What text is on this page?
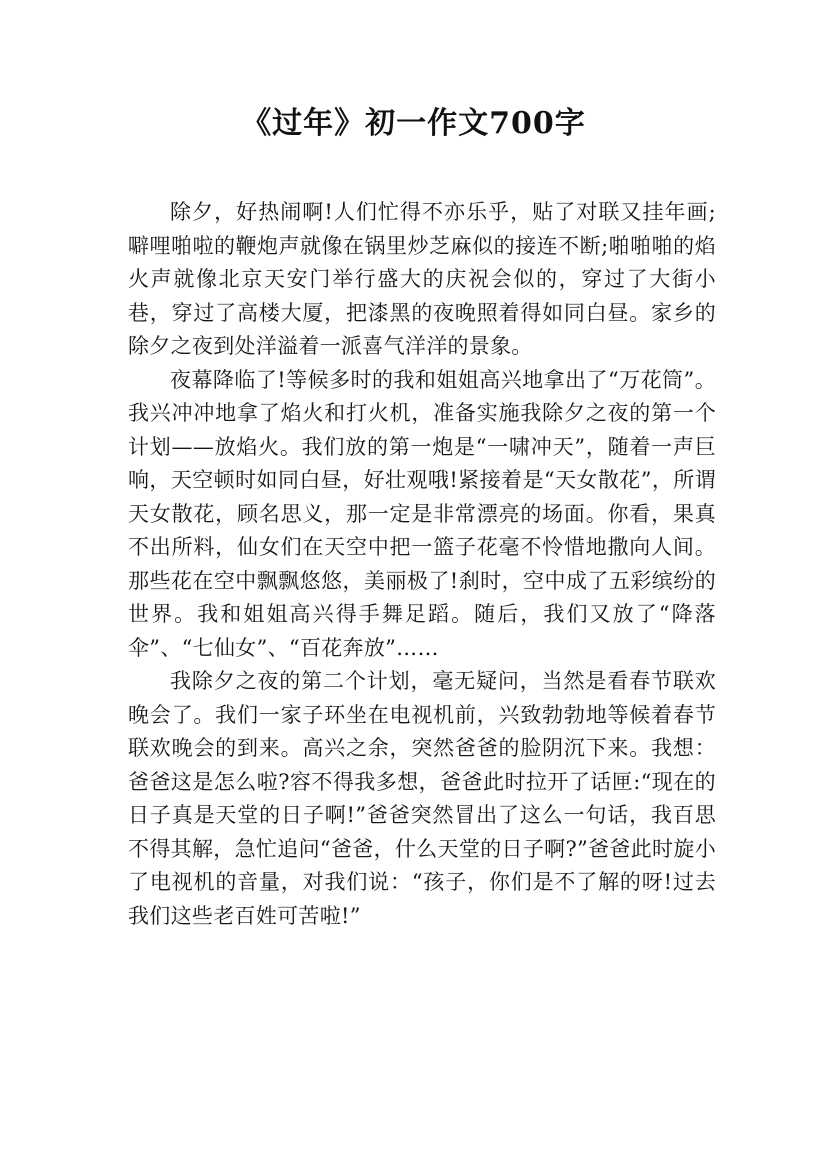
《过年》初一作文700字

除夕，好热闹啊!人们忙得不亦乐乎，贴了对联又挂年画;噼哩啪啦的鞭炮声就像在锅里炒芝麻似的接连不断;啪啪啪的焰火声就像北京天安门举行盛大的庆祝会似的，穿过了大街小巷，穿过了高楼大厦，把漆黑的夜晚照着得如同白昼。家乡的除夕之夜到处洋溢着一派喜气洋洋的景象。

夜幕降临了!等候多时的我和姐姐高兴地拿出了“万花筒”。我兴冲冲地拿了焰火和打火机，准备实施我除夕之夜的第一个计划——放焰火。我们放的第一炮是“一啸冲天”，随着一声巨响，天空顿时如同白昼，好壮观哦!紧接着是“天女散花”，所谓天女散花，顾名思义，那一定是非常漂亮的场面。你看，果真不出所料，仙女们在天空中把一篮子花毫不怜惜地撒向人间。那些花在空中飘飘悠悠，美丽极了!刹时，空中成了五彩缤纷的世界。我和姐姐高兴得手舞足蹈。随后，我们又放了“降落伞”、“七仙女”、“百花奔放”……

我除夕之夜的第二个计划，毫无疑问，当然是看春节联欢晚会了。我们一家子环坐在电视机前，兴致勃勃地等候着春节联欢晚会的到来。高兴之余，突然爸爸的脸阴沉下来。我想：爸爸这是怎么啦?容不得我多想，爸爸此时拉开了话匣:“现在的日子真是天堂的日子啊!”爸爸突然冒出了这么一句话，我百思不得其解，急忙追问“爸爸，什么天堂的日子啊?”爸爸此时旋小了电视机的音量，对我们说：“孩子，你们是不了解的呀!过去我们这些老百姓可苦啦!”
